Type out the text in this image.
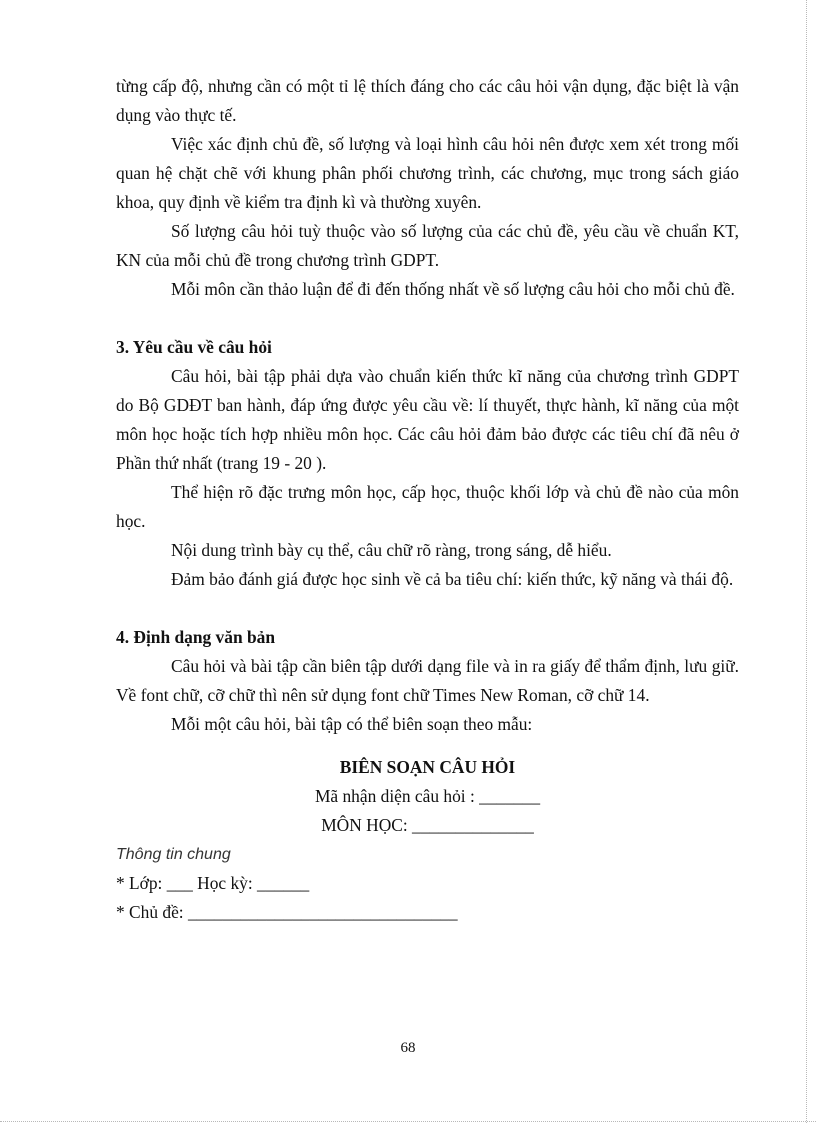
từng cấp độ, nhưng cần có một tỉ lệ thích đáng cho các câu hỏi vận dụng, đặc biệt là vận dụng vào thực tế.

Việc xác định chủ đề, số lượng và loại hình câu hỏi nên được xem xét trong mối quan hệ chặt chẽ với khung phân phối chương trình, các chương, mục trong sách giáo khoa, quy định về kiểm tra định kì và thường xuyên.

Số lượng câu hỏi tuỳ thuộc vào số lượng của các chủ đề, yêu cầu về chuẩn KT, KN của mỗi chủ đề trong chương trình GDPT.

Mỗi môn cần thảo luận để đi đến thống nhất về số lượng câu hỏi cho mỗi chủ đề.

3. Yêu cầu về câu hỏi

Câu hỏi, bài tập phải dựa vào chuẩn kiến thức kĩ năng của chương trình GDPT do Bộ GDĐT ban hành, đáp ứng được yêu cầu về: lí thuyết, thực hành, kĩ năng của một môn học hoặc tích hợp nhiều môn học. Các câu hỏi đảm bảo được các tiêu chí đã nêu ở Phần thứ nhất (trang 19 - 20 ).

Thể hiện rõ đặc trưng môn học, cấp học, thuộc khối lớp và chủ đề nào của môn học.

Nội dung trình bày cụ thể, câu chữ rõ ràng, trong sáng, dễ hiểu.

Đảm bảo đánh giá được học sinh về cả ba tiêu chí: kiến thức, kỹ năng và thái độ.

4. Định dạng văn bản

Câu hỏi và bài tập cần biên tập dưới dạng file và in ra giấy để thẩm định, lưu giữ. Về font chữ, cỡ chữ thì nên sử dụng font chữ Times New Roman, cỡ chữ 14.

Mỗi một câu hỏi, bài tập có thể biên soạn theo mẫu:

BIÊN SOẠN CÂU HỎI
Mã nhận diện câu hỏi : _______
MÔN HỌC: ______________
Thông tin chung
* Lớp: ___ Học kỳ: ______
* Chủ đề: _______________________________
68
